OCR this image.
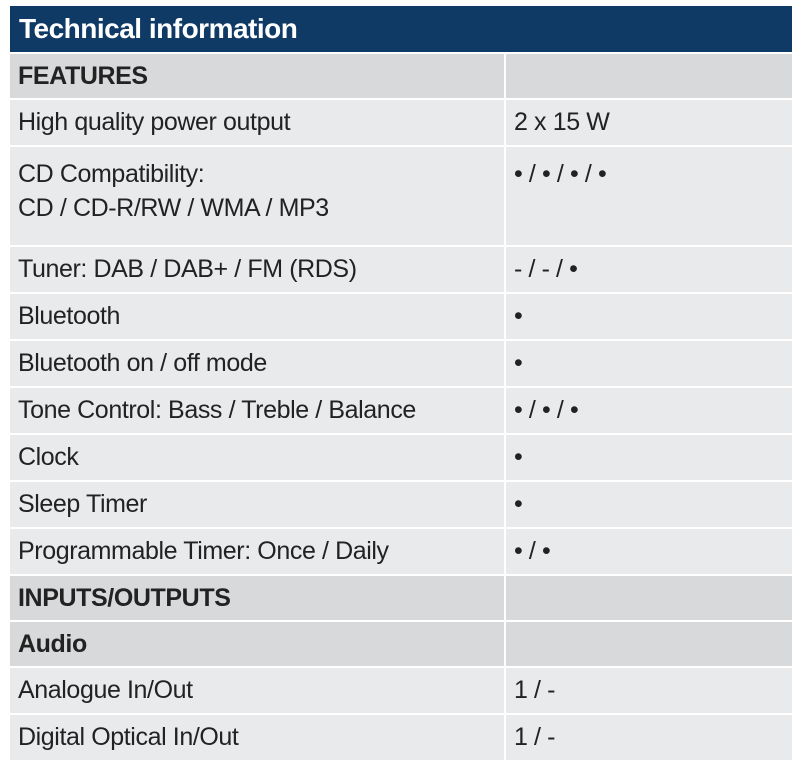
Technical information
FEATURES	
High quality power output	2 x 15 W

CD Compatibility:
CD / CD-R/RW / WMA / MP3	• / • / • / •

Tuner: DAB / DAB+ / FM (RDS)	- / - / •
Bluetooth	•
Bluetooth on / off mode	•
Tone Control: Bass / Treble / Balance	• / • / •
Clock	•
Sleep Timer	•
Programmable Timer: Once / Daily	• / •
INPUTS/OUTPUTS	
Audio	
Analogue In/Out	1 / -
Digital Optical In/Out	1 / -
